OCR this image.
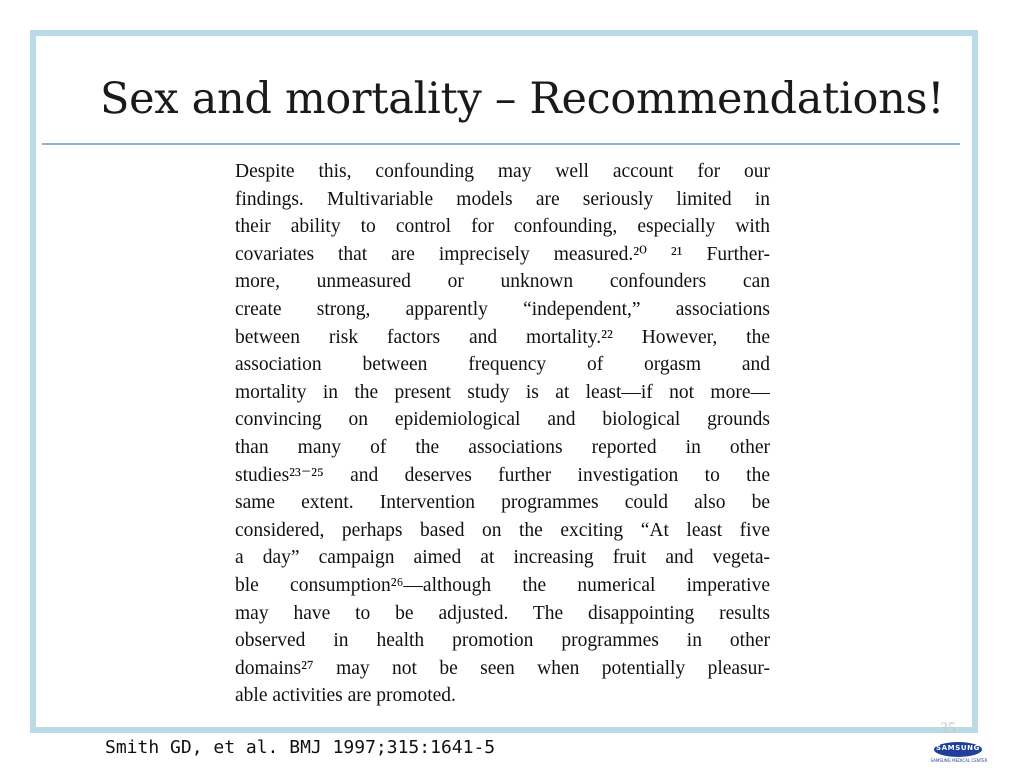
Sex and mortality – Recommendations!
Despite this, confounding may well account for our
findings. Multivariable models are seriously limited in
their ability to control for confounding, especially with
covariates that are imprecisely measured.²⁰ ²¹ Further-
more, unmeasured or unknown confounders can
create strong, apparently “independent,” associations
between risk factors and mortality.²² However, the
association between frequency of orgasm and
mortality in the present study is at least—if not more—
convincing on epidemiological and biological grounds
than many of the associations reported in other
studies²³⁻²⁵ and deserves further investigation to the
same extent. Intervention programmes could also be
considered, perhaps based on the exciting “At least five
a day” campaign aimed at increasing fruit and vegeta-
ble consumption²⁶—although the numerical imperative
may have to be adjusted. The disappointing results
observed in health promotion programmes in other
domains²⁷ may not be seen when potentially pleasur-
able activities are promoted.
35
Smith GD, et al. BMJ 1997;315:1641-5	SAMSUNG
SAMSUNG MEDICAL CENTER
